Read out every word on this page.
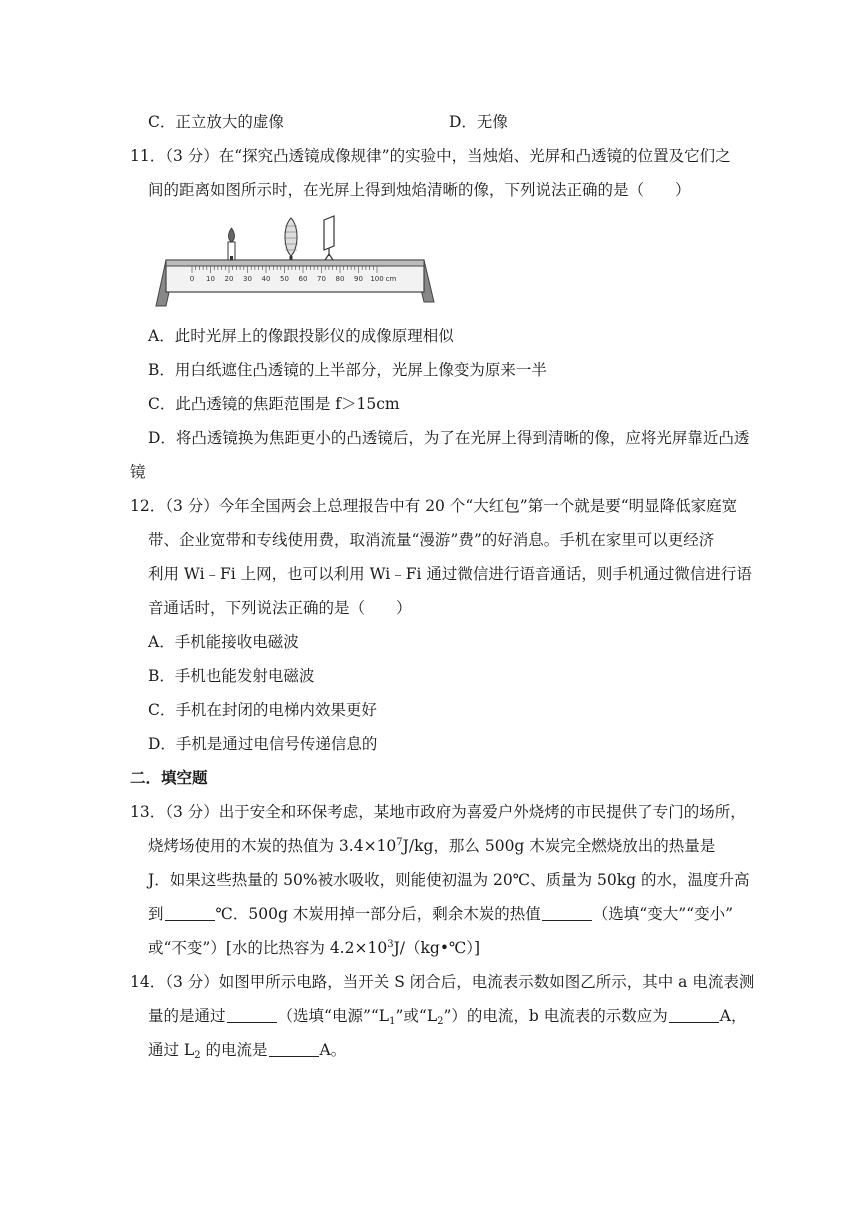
C．正立放大的虚像	D．无像
11．（3 分）在“探究凸透镜成像规律”的实验中，当烛焰、光屏和凸透镜的位置及它们之
间的距离如图所示时，在光屏上得到烛焰清晰的像，下列说法正确的是（　　）
0 10 20 30 40 50 60 70 80 90 100 cm
A．此时光屏上的像跟投影仪的成像原理相似
B．用白纸遮住凸透镜的上半部分，光屏上像变为原来一半
C．此凸透镜的焦距范围是 f＞15cm
D．将凸透镜换为焦距更小的凸透镜后，为了在光屏上得到清晰的像，应将光屏靠近凸透
镜
12．（3 分）今年全国两会上总理报告中有 20 个“大红包”第一个就是要“明显降低家庭宽
带、企业宽带和专线使用费，取消流量“漫游”费”的好消息。手机在家里可以更经济
利用 Wi﹣Fi 上网，也可以利用 Wi﹣Fi 通过微信进行语音通话，则手机通过微信进行语
音通话时，下列说法正确的是（　　）
A．手机能接收电磁波
B．手机也能发射电磁波
C．手机在封闭的电梯内效果更好
D．手机是通过电信号传递信息的
二．填空题
13．（3 分）出于安全和环保考虑，某地市政府为喜爱户外烧烤的市民提供了专门的场所，
烧烤场使用的木炭的热值为 $3.4\times 10^7J/kg$，那么 500g 木炭完全燃烧放出的热量是
J．如果这些热量的 50%被水吸收，则能使初温为 20℃、质量为 50kg 的水，温度升高
到	℃．500g 木炭用掉一部分后，剩余木炭的热值	（选填“变大”“变小”
或“不变”）[水的比热容为 $4.2\times 10^3J/(kg•℃)$]
14．（3 分）如图甲所示电路，当开关 S 闭合后，电流表示数如图乙所示，其中 a 电流表测
量的是通过	（选填“电源$”“L_1$”或“$L_2$”）的电流，b 电流表的示数应为	A，
通过 $L_2$ 的电流是	A。
